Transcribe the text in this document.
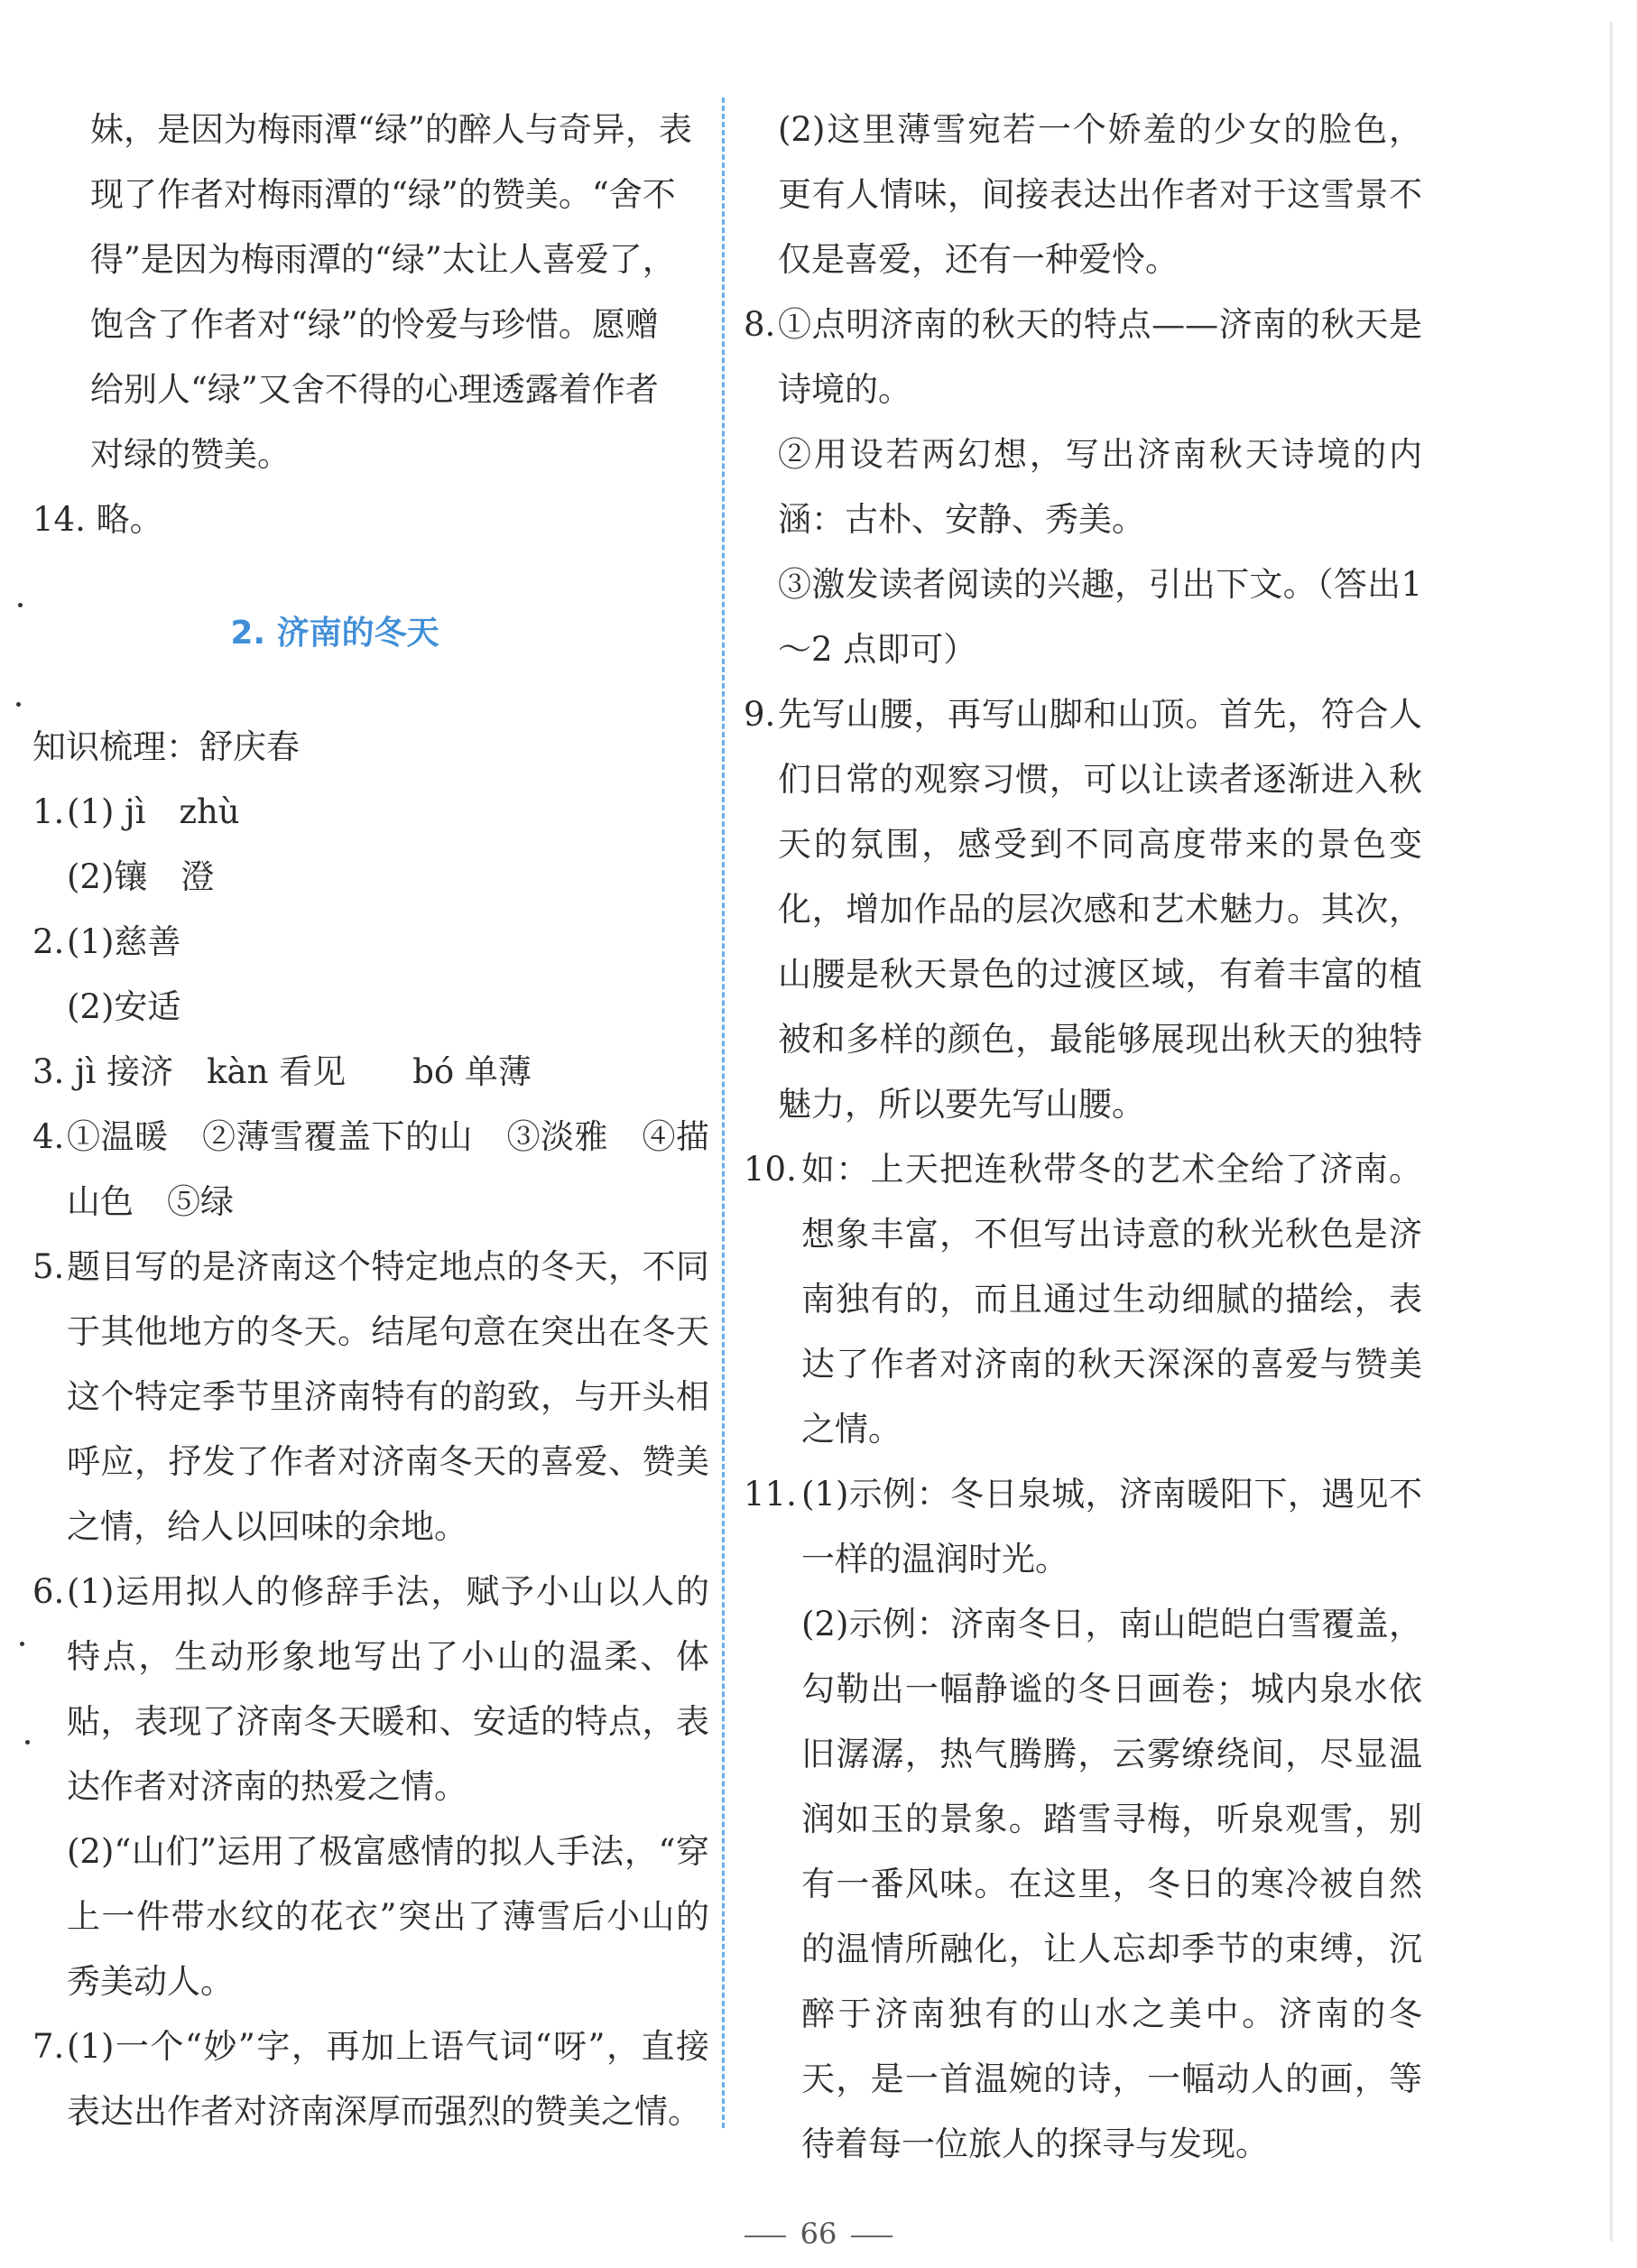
妹，是因为梅雨潭“绿”的醉人与奇异，表
现了作者对梅雨潭的“绿”的赞美。“舍不
得”是因为梅雨潭的“绿”太让人喜爱了，
饱含了作者对“绿”的怜爱与珍惜。愿赠
给别人“绿”又舍不得的心理透露着作者
对绿的赞美。
14. 略。
2. 济南的冬天
知识梳理：舒庆春
1. (1) jì　zhù
(2)镶　澄
2. (1)慈善
(2)安适
3. jì 接济　kàn 看见　　bó 单薄
4. ①温暖　②薄雪覆盖下的山　③淡雅　④描山色　⑤绿
5. 题目写的是济南这个特定地点的冬天，不同于其他地方的冬天。结尾句意在突出在冬天这个特定季节里济南特有的韵致，与开头相呼应，抒发了作者对济南冬天的喜爱、赞美之情，给人以回味的余地。
6. (1)运用拟人的修辞手法，赋予小山以人的特点，生动形象地写出了小山的温柔、体贴，表现了济南冬天暖和、安适的特点，表达作者对济南的热爱之情。
(2)“山们”运用了极富感情的拟人手法，“穿上一件带水纹的花衣”突出了薄雪后小山的秀美动人。
7. (1)一个“妙”字，再加上语气词“呀”，直接表达出作者对济南深厚而强烈的赞美之情。
(2)这里薄雪宛若一个娇羞的少女的脸色，更有人情味，间接表达出作者对于这雪景不仅是喜爱，还有一种爱怜。
8. ①点明济南的秋天的特点——济南的秋天是诗境的。
②用设若两幻想，写出济南秋天诗境的内涵：古朴、安静、秀美。
③激发读者阅读的兴趣，引出下文。（答出1～2 点即可）
9. 先写山腰，再写山脚和山顶。首先，符合人们日常的观察习惯，可以让读者逐渐进入秋天的氛围，感受到不同高度带来的景色变化，增加作品的层次感和艺术魅力。其次，山腰是秋天景色的过渡区域，有着丰富的植被和多样的颜色，最能够展现出秋天的独特魅力，所以要先写山腰。
10. 如：上天把连秋带冬的艺术全给了济南。想象丰富，不但写出诗意的秋光秋色是济南独有的，而且通过生动细腻的描绘，表达了作者对济南的秋天深深的喜爱与赞美之情。
11. (1)示例：冬日泉城，济南暖阳下，遇见不一样的温润时光。
(2)示例：济南冬日，南山皑皑白雪覆盖，勾勒出一幅静谧的冬日画卷；城内泉水依旧潺潺，热气腾腾，云雾缭绕间，尽显温润如玉的景象。踏雪寻梅，听泉观雪，别有一番风味。在这里，冬日的寒冷被自然的温情所融化，让人忘却季节的束缚，沉醉于济南独有的山水之美中。济南的冬天，是一首温婉的诗，一幅动人的画，等待着每一位旅人的探寻与发现。
66
